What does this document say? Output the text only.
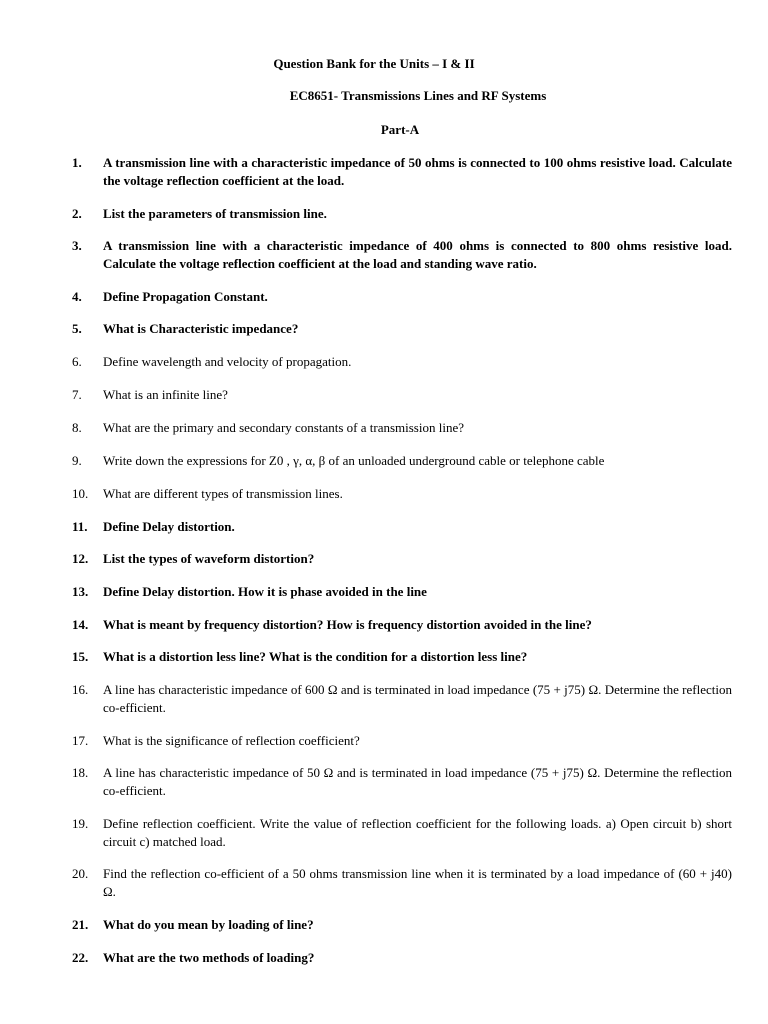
Question Bank for the Units – I & II
EC8651- Transmissions Lines and RF Systems
Part-A
1.	A transmission line with a characteristic impedance of 50 ohms is connected to 100 ohms resistive load. Calculate the voltage reflection coefficient at the load.
2.	List the parameters of transmission line.
3.	A transmission line with a characteristic impedance of 400 ohms is connected to 800 ohms resistive load. Calculate the voltage reflection coefficient at the load and standing wave ratio.
4.	Define Propagation Constant.
5.	What is Characteristic impedance?
6.	Define wavelength and velocity of propagation.
7.	What is an infinite line?
8.	What are the primary and secondary constants of a transmission line?
9.	Write down the expressions for Z0 , γ, α, β of an unloaded underground cable or telephone cable
10.	What are different types of transmission lines.
11.	Define Delay distortion.
12.	List the types of waveform distortion?
13.	Define Delay distortion. How it is phase avoided in the line
14.	What is meant by frequency distortion? How is frequency distortion avoided in the line?
15.	What is a distortion less line? What is the condition for a distortion less line?
16.	A line has characteristic impedance of 600 Ω and is terminated in load impedance (75 + j75) Ω. Determine the reflection co-efficient.
17.	What is the significance of reflection coefficient?
18.	A line has characteristic impedance of 50 Ω and is terminated in load impedance (75 + j75) Ω. Determine the reflection co-efficient.
19.	Define reflection coefficient. Write the value of reflection coefficient for the following loads. a) Open circuit b) short circuit c) matched load.
20.	Find the reflection co-efficient of a 50 ohms transmission line when it is terminated by a load impedance of (60 + j40) Ω.
21.	What do you mean by loading of line?
22.	What are the two methods of loading?
